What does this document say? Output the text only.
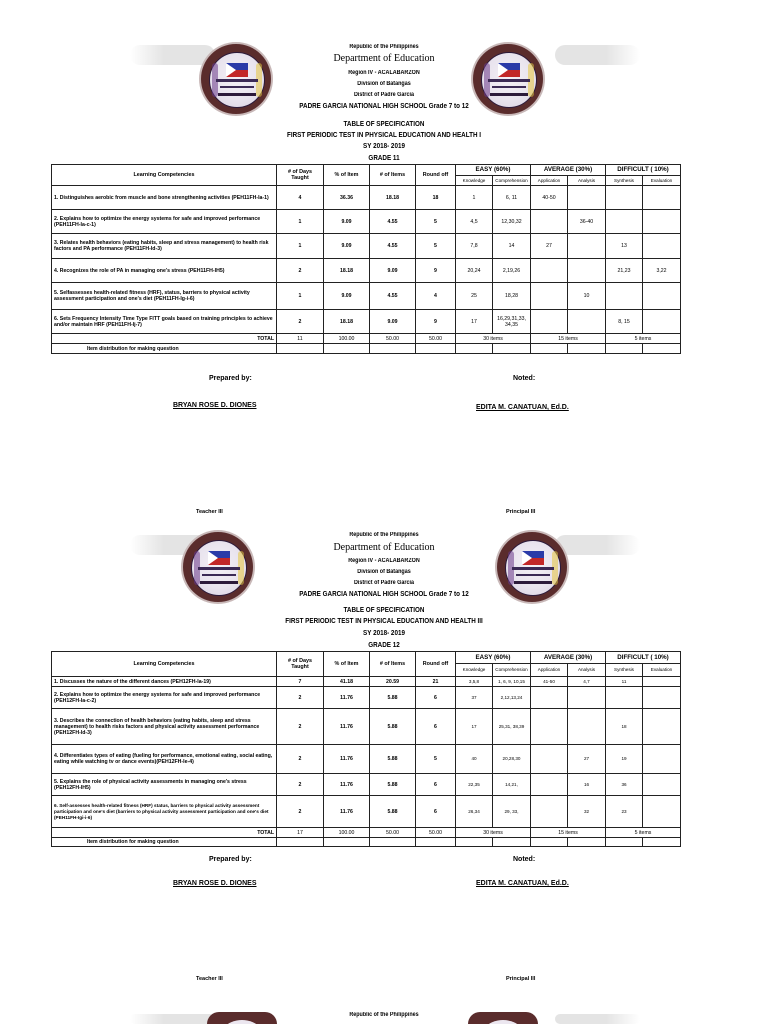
Republic of the Philippines
Department of Education
Region IV - ACALABARZON
Division of Batangas
District of Padre Garcia
PADRE GARCIA NATIONAL HIGH SCHOOL Grade 7 to 12
TABLE OF SPECIFICATION
FIRST PERIODIC TEST IN PHYSICAL EDUCATION AND HEALTH I
SY 2018- 2019
GRADE 11
Learning Competencies	# of Days Taught	% of Item	# of Items	Round off	EASY (60%)		AVERAGE (30%)		DIFFICULT ( 10%)	
					Knowledge	Comprehension	Application	Analysis	Synthesis	Evaluation
1. Distinguishes aerobic from muscle and bone strengthening activities (PEH11FH-Ia-1)	4	36.36	18.18	18	1	6, 11	40-50			
2. Explains how to optimize the energy systems for safe and improved performance (PEH11FH-Ia-c-1)	1	9.09	4.55	5	4,5	12,30,32		36-40		
3. Relates health behaviors (eating habits, sleep and stress management) to health risk factors and PA performance (PEH11FH-Id-3)	1	9.09	4.55	5	7,8	14	27		13	
4. Recognizes the role of PA in managing one's stress (PEH11FH-IH5)	2	18.18	9.09	9	20,24	2,19,26			21,23	3,22
5. Selfassesses health-related fitness (HRF), status, barriers to physical activity assessment participation and one's diet (PEH11FH-Ig-i-6)	1	9.09	4.55	4	25	18,28		10		
6. Sets Frequency Intensity Time Type FITT goals based on training principles to achieve and/or maintain HRF (PEH11FH-Ij-7)	2	18.18	9.09	9	17	16,29,31,33, 34,35			8, 15	
TOTAL	11	100.00	50.00	50.00	30 items		15 items		5 items	
Item distribution for making question										
Prepared by:	Noted:
BRYAN ROSE D. DIONES	EDITA M. CANATUAN, Ed.D.
Teacher III	Principal III
Republic of the Philippines
Department of Education
Region IV - ACALABARZON
Division of Batangas
District of Padre Garcia
PADRE GARCIA NATIONAL HIGH SCHOOL Grade 7 to 12
TABLE OF SPECIFICATION
FIRST PERIODIC TEST IN PHYSICAL EDUCATION AND HEALTH III
SY 2018- 2019
GRADE 12
Learning Competencies	# of Days Taught	% of Item	# of Items	Round off	EASY (60%)		AVERAGE (30%)		DIFFICULT ( 10%)	
					Knowledge	Comprehension	Application	Analysis	Synthesis	Evaluation
1. Discusses the nature of the different dances (PEH12FH-Ia-19)	7	41.18	20.59	21	3,5,8	1, 6, 9, 10,15	41-50	4,7	11	
2. Explains how to optimize the energy systems for safe and improved performance (PEH12FH-Ia-c-2)	2	11.76	5.88	6	37	2,12,13,24				
3. Describes the connection of health behaviors (eating habits, sleep and stress management) to health risks factors and physical activity assessment performance (PEH12FH-Id-3)	2	11.76	5.88	6	17	25,31, 38,39			18	
4. Differentiates types of eating (fueling for performance, emotional eating, social eating, eating while watching tv or dance events)(PEH12FH-Ie-4)	2	11.76	5.88	5	40	20,28,30		27	19	
5. Explains the role of physical activity assessments in managing one's stress (PEH12FH-IH5)	2	11.76	5.88	6	22,35	14,21,		16	36	
6. Self-assesses health-related fitness (HRF) status, barriers to physical activity assessment participation and one's diet (barriers to physical activity assessment participation and one's diet (PEH11FH-Igi-i-6)	2	11.76	5.88	6	26,34	29, 33,		32	23	
TOTAL	17	100.00	50.00	50.00	30 items		15 items		5 items	
Item distribution for making question										
Prepared by:	Noted:
BRYAN ROSE D. DIONES	EDITA M. CANATUAN, Ed.D.
Teacher III	Principal III
Republic of the Philippines
